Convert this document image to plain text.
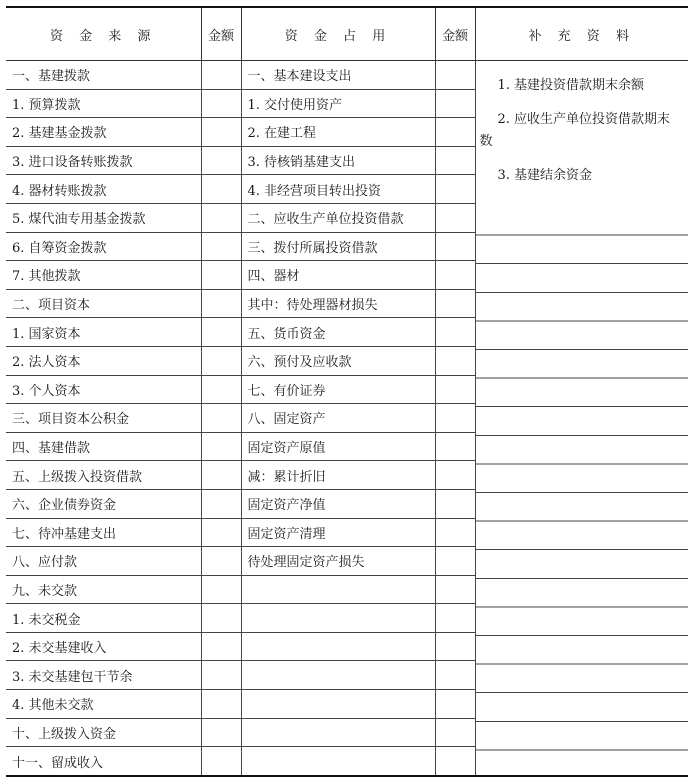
资 金 来 源	金额	资 金 占 用	金额	补 充 资 料
一、基建拨款		一、基本建设支出		1. 基建投资借款期末余额
2. 应收生产单位投资借款期末数
3. 基建结余资金

1. 预算拨款		1. 交付使用资产		
2. 基建基金拨款		2. 在建工程		
3. 进口设备转账拨款		3. 待核销基建支出		
4. 器材转账拨款		4. 非经营项目转出投资		
5. 煤代油专用基金拨款		二、应收生产单位投资借款		
6. 自筹资金拨款		三、拨付所属投资借款		
7. 其他拨款		四、器材		
二、项目资本		其中：待处理器材损失		
1. 国家资本		五、货币资金		
2. 法人资本		六、预付及应收款		
3. 个人资本		七、有价证券		
三、项目资本公积金		八、固定资产		
四、基建借款		固定资产原值		
五、上级拨入投资借款		减：累计折旧		
六、企业债券资金		固定资产净值		
七、待冲基建支出		固定资产清理		
八、应付款		待处理固定资产损失		
九、未交款				
1. 未交税金				
2. 未交基建收入				
3. 未交基建包干节余				
4. 其他未交款				
十、上级拨入资金				
十一、留成收入				
